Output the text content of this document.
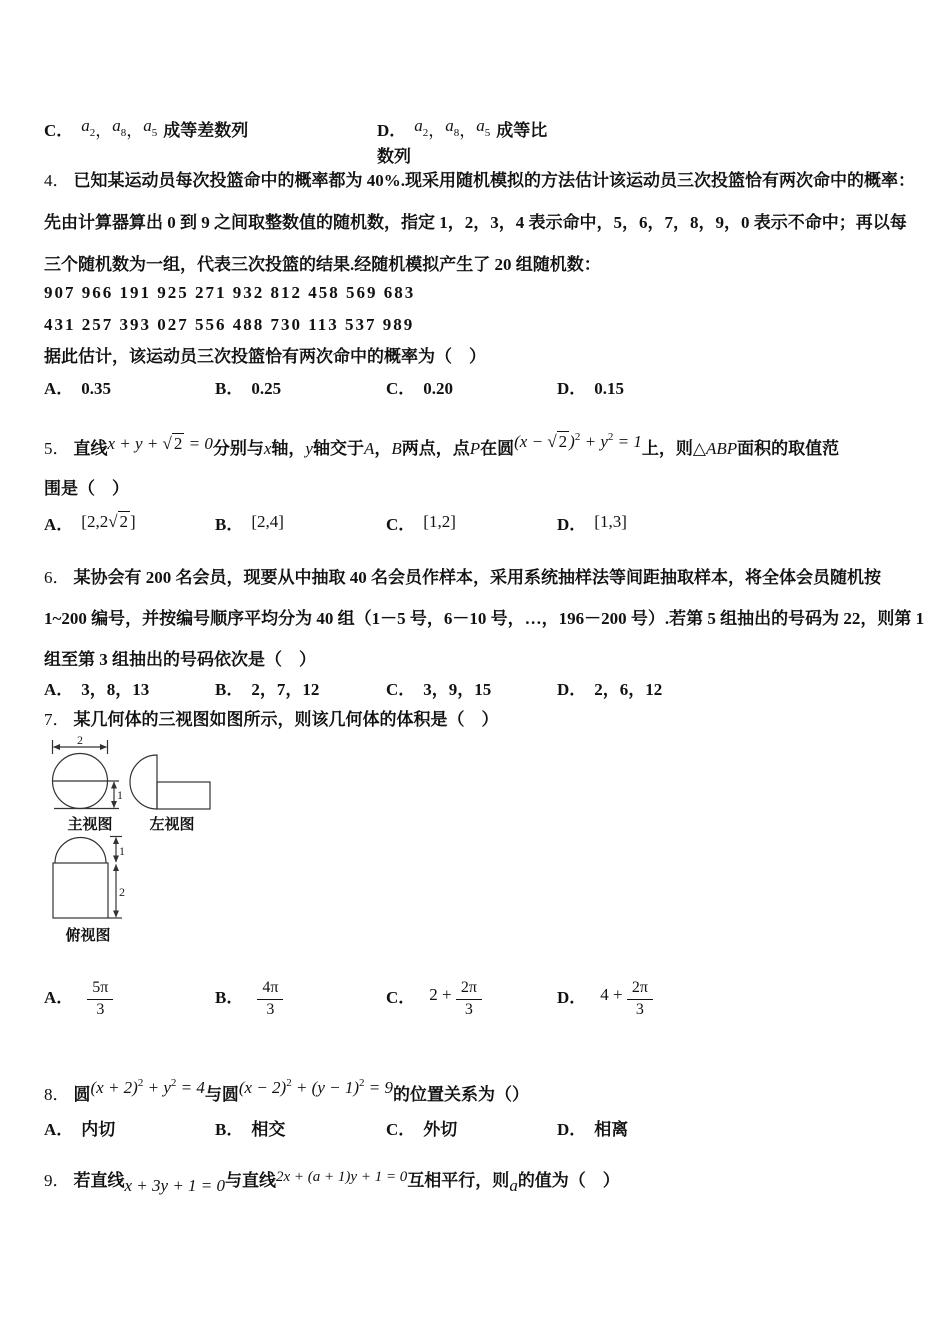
C． $a_2$，$a_8$，$a_5$ 成等差数列	D． $a_2$，$a_8$，$a_5$ 成等比数列
4． 已知某运动员每次投篮命中的概率都为 40%.现采用随机模拟的方法估计该运动员三次投篮恰有两次命中的概率：
先由计算器算出 0 到 9 之间取整数值的随机数，指定 1，2，3，4 表示命中，5，6，7，8，9，0 表示不命中；再以每
三个随机数为一组，代表三次投篮的结果.经随机模拟产生了 20 组随机数：
907 966 191 925 271 932 812 458 569 683
431 257 393 027 556 488 730 113 537 989
据此估计，该运动员三次投篮恰有两次命中的概率为（　）
A． 0.35	B． 0.25	C． 0.20	D． 0.15
5． 直线x + y + √ 2 = 0分别与x轴，y轴交于A，B两点，点P在圆(x − √ 2 )$^2 + y^2 = 1$上，则△ABP面积的取值范
围是（　）
A． [2,2√ 2 ]	B． [2,4]	C． [1,2]	D． [1,3]
6． 某协会有 200 名会员，现要从中抽取 40 名会员作样本，采用系统抽样法等间距抽取样本，将全体会员随机按
1~200 编号，并按编号顺序平均分为 40 组（1－5 号，6－10 号，…，196－200 号）.若第 5 组抽出的号码为 22，则第 1
组至第 3 组抽出的号码依次是（　）
A． 3，8，13	B． 2，7，12	C． 3，9，15	D． 2，6，12
7． 某几何体的三视图如图所示，则该几何体的体积是（　）
2
1
1
2
主视图 左视图
俯视图
A． $\frac{5\pi}{3}$	B． $\frac{4\pi}{3}$	C． $2 + \frac{2\pi}{3}$	D． $4 + \frac{2\pi}{3}$
8． 圆$(x + 2)^2 + y^2 = 4$与圆$(x - 2)^2 + (y - 1)^2 = 9$的位置关系为（）
A． 内切	B． 相交	C． 外切	D． 相离
9． 若直线x + 3y + 1 = 0与直线2x + (a + 1)y + 1 = 0互相平行，则a的值为（　）
